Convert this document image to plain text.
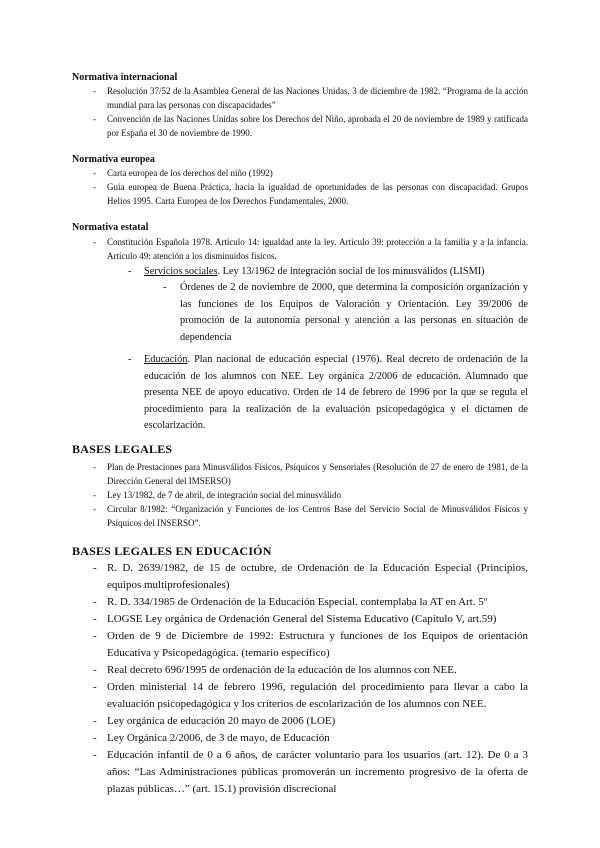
Normativa internacional
- Resolución 37/52 de la Asamblea General de las Naciones Unidas, 3 de diciembre de 1982. “Programa de la acción mundial para las personas con discapacidades”
- Convención de las Naciones Unidas sobre los Derechos del Niño, aprobada el 20 de noviembre de 1989 y ratificada por España el 30 de noviembre de 1990.
Normativa europea
- Carta europea de los derechos del niño (1992)
- Guía europea de Buena Práctica, hacia la igualdad de oportunidades de las personas con discapacidad. Grupos Helios 1995. Carta Europea de los Derechos Fundamentales, 2000.
Normativa estatal
- Constitución Española 1978. Artículo 14: igualdad ante la ley. Artículo 39: protección a la familia y a la infancia. Artículo 49: atención a los disminuidos físicos.
- Servicios sociales. Ley 13/1962 de integración social de los minusválidos (LISMI)
- Órdenes de 2 de noviembre de 2000, que determina la composición organización y las funciones de los Equipos de Valoración y Orientación. Ley 39/2006 de promoción de la autonomía personal y atención a las personas en situación de dependencia
- Educación. Plan nacional de educación especial (1976). Real decreto de ordenación de la educación de los alumnos con NEE. Ley orgánica 2/2006 de educación. Alumnado que presenta NEE de apoyo educativo. Orden de 14 de febrero de 1996 por la que se regula el procedimiento para la realización de la evaluación psicopedagógica y el dictamen de escolarización.
BASES LEGALES
- Plan de Prestaciones para Minusválidos Físicos, Psíquicos y Sensoriales (Resolución de 27 de enero de 1981, de la Dirección General del IMSERSO)
- Ley 13/1982, de 7 de abril, de integración social del minusválido
- Circular 8/1982: “Organización y Funciones de los Centros Base del Servicio Social de Minusválidos Físicos y Psíquicos del INSERSO”.
BASES LEGALES EN EDUCACIÓN
- R. D. 2639/1982, de 15 de octubre, de Ordenación de la Educación Especial (Principios, equipos multiprofesionales)
- R. D. 334/1985 de Ordenación de la Educación Especial. contemplaba la AT en Art. 5º
- LOGSE Ley orgánica de Ordenación General del Sistema Educativo (Capítulo V, art.59)
- Orden de 9 de Diciembre de 1992: Estructura y funciones de los Equipos de orientación Educativa y Psicopedagógica. (temario específico)
- Real decreto 696/1995 de ordenación de la educación de los alumnos con NEE.
- Orden ministerial 14 de febrero 1996, regulación del procedimiento para llevar a cabo la evaluación psicopedagógica y los criterios de escolarización de los alumnos con NEE.
- Ley orgánica de educación 20 mayo de 2006 (LOE)
- Ley Orgánica 2/2006, de 3 de mayo, de Educación
- Educación infantil de 0 a 6 años, de carácter voluntario para los usuarios (art. 12). De 0 a 3 años: “Las Administraciones públicas promoverán un incremento progresivo de la oferta de plazas públicas…” (art. 15.1) provisión discrecional
